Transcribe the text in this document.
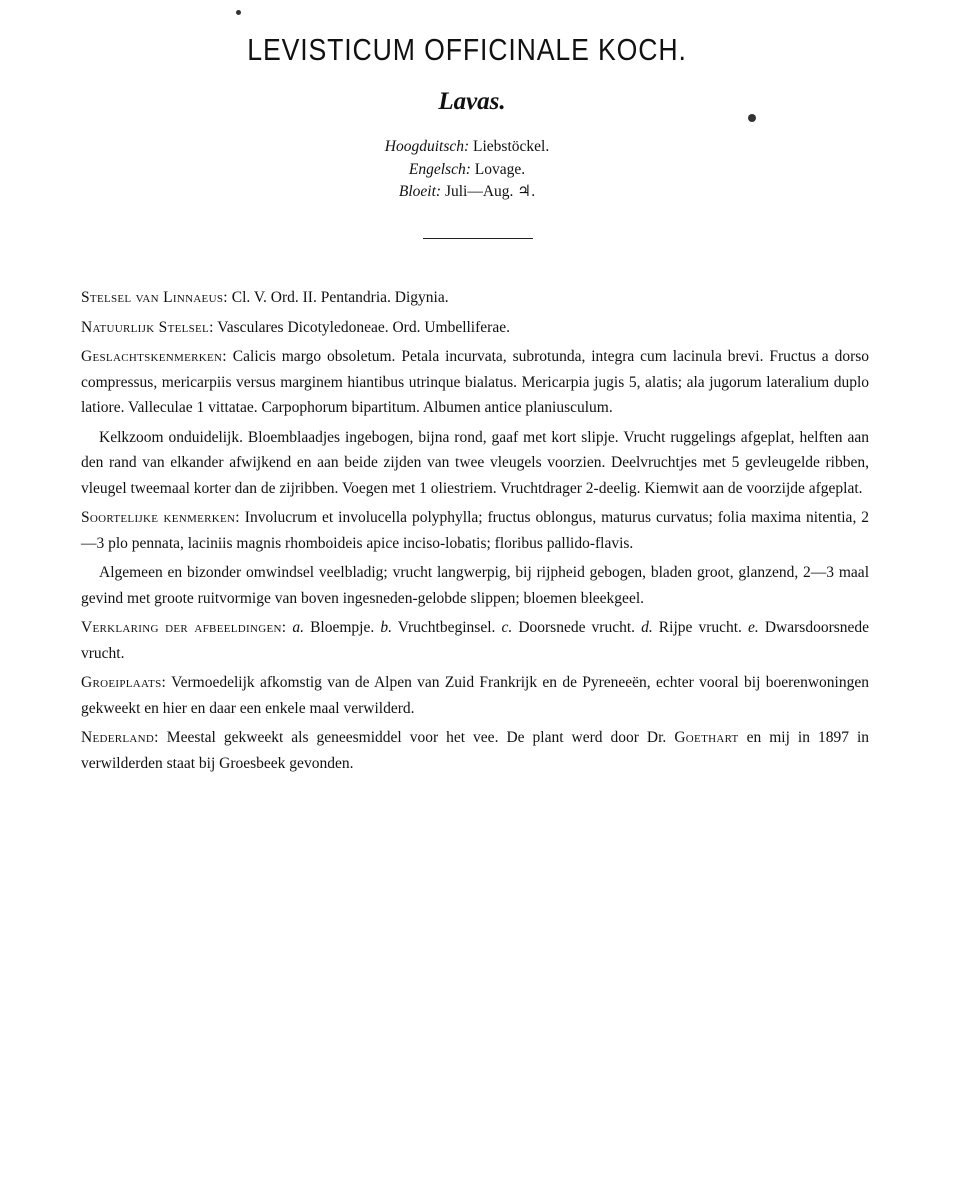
LEVISTICUM OFFICINALE KOCH.
Lavas.
Hoogduitsch: Liebstöckel.
Engelsch: Lovage.
Bloeit: Juli—Aug. ♃.

Stelsel van Linnaeus: Cl. V. Ord. II. Pentandria. Digynia.

Natuurlijk Stelsel: Vasculares Dicotyledoneae. Ord. Umbelliferae.

Geslachtskenmerken: Calicis margo obsoletum. Petala incurvata, subrotunda, integra cum lacinula brevi. Fructus a dorso compressus, mericarpiis versus marginem hiantibus utrinque bialatus. Mericarpia jugis 5, alatis; ala jugorum lateralium duplo latiore. Valleculae 1 vittatae. Carpophorum bipartitum. Albumen antice planiusculum.

Kelkzoom onduidelijk. Bloemblaadjes ingebogen, bijna rond, gaaf met kort slipje. Vrucht ruggelings afgeplat, helften aan den rand van elkander afwijkend en aan beide zijden van twee vleugels voorzien. Deelvruchtjes met 5 gevleugelde ribben, vleugel tweemaal korter dan de zijribben. Voegen met 1 oliestriem. Vruchtdrager 2-deelig. Kiemwit aan de voorzijde afgeplat.

Soortelijke kenmerken: Involucrum et involucella polyphylla; fructus oblongus, maturus curvatus; folia maxima nitentia, 2—3 plo pennata, laciniis magnis rhomboideis apice inciso-lobatis; floribus pallido-flavis.

Algemeen en bizonder omwindsel veelbladig; vrucht langwerpig, bij rijpheid gebogen, bladen groot, glanzend, 2—3 maal gevind met groote ruitvormige van boven ingesneden-gelobde slippen; bloemen bleekgeel.

Verklaring der afbeeldingen: a. Bloempje. b. Vruchtbeginsel. c. Doorsnede vrucht. d. Rijpe vrucht. e. Dwarsdoorsnede vrucht.

Groeiplaats: Vermoedelijk afkomstig van de Alpen van Zuid Frankrijk en de Pyreneeën, echter vooral bij boerenwoningen gekweekt en hier en daar een enkele maal verwilderd.

Nederland: Meestal gekweekt als geneesmiddel voor het vee. De plant werd door Dr. Goethart en mij in 1897 in verwilderden staat bij Groesbeek gevonden.
